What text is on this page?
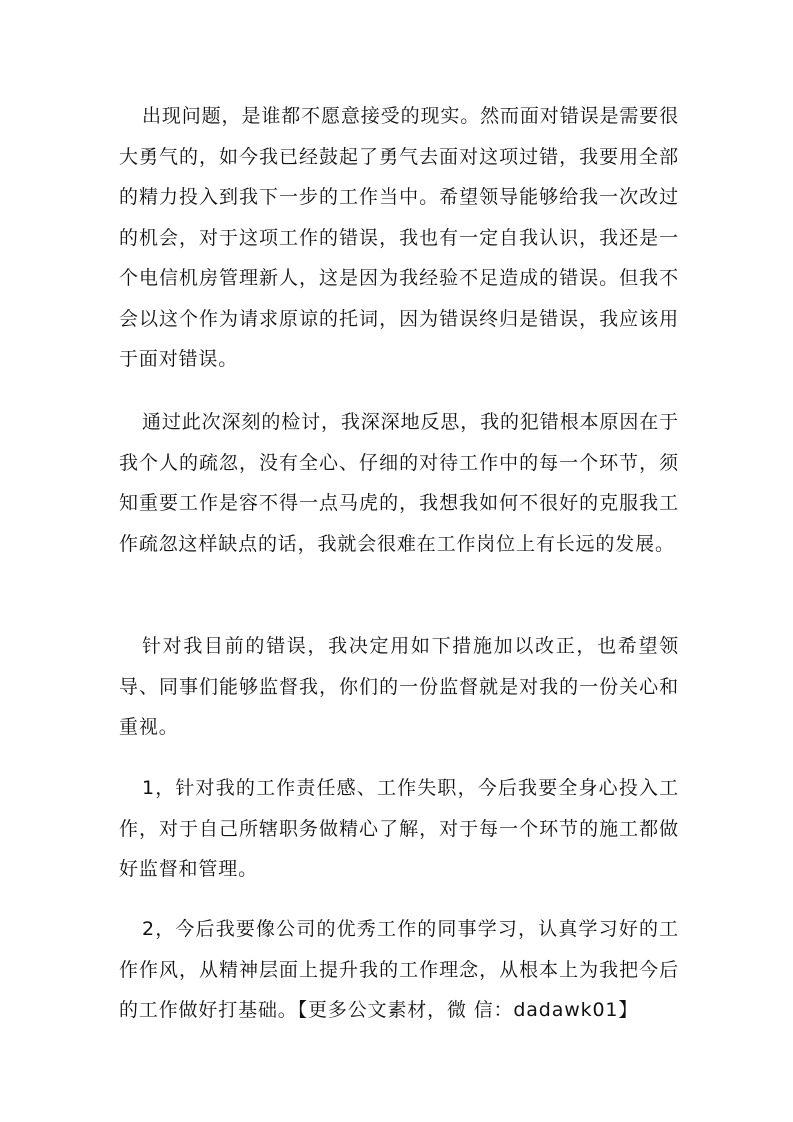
出现问题，是谁都不愿意接受的现实。然而面对错误是需要很大勇气的，如今我已经鼓起了勇气去面对这项过错，我要用全部的精力投入到我下一步的工作当中。希望领导能够给我一次改过的机会，对于这项工作的错误，我也有一定自我认识，我还是一个电信机房管理新人，这是因为我经验不足造成的错误。但我不会以这个作为请求原谅的托词，因为错误终归是错误，我应该用于面对错误。

通过此次深刻的检讨，我深深地反思，我的犯错根本原因在于我个人的疏忽，没有全心、仔细的对待工作中的每一个环节，须知重要工作是容不得一点马虎的，我想我如何不很好的克服我工作疏忽这样缺点的话，我就会很难在工作岗位上有长远的发展。

针对我目前的错误，我决定用如下措施加以改正，也希望领导、同事们能够监督我，你们的一份监督就是对我的一份关心和重视。

1，针对我的工作责任感、工作失职，今后我要全身心投入工作，对于自己所辖职务做精心了解，对于每一个环节的施工都做好监督和管理。

2，今后我要像公司的优秀工作的同事学习，认真学习好的工作作风，从精神层面上提升我的工作理念，从根本上为我把今后的工作做好打基础。【更多公文素材，微 信：dadawk01】
